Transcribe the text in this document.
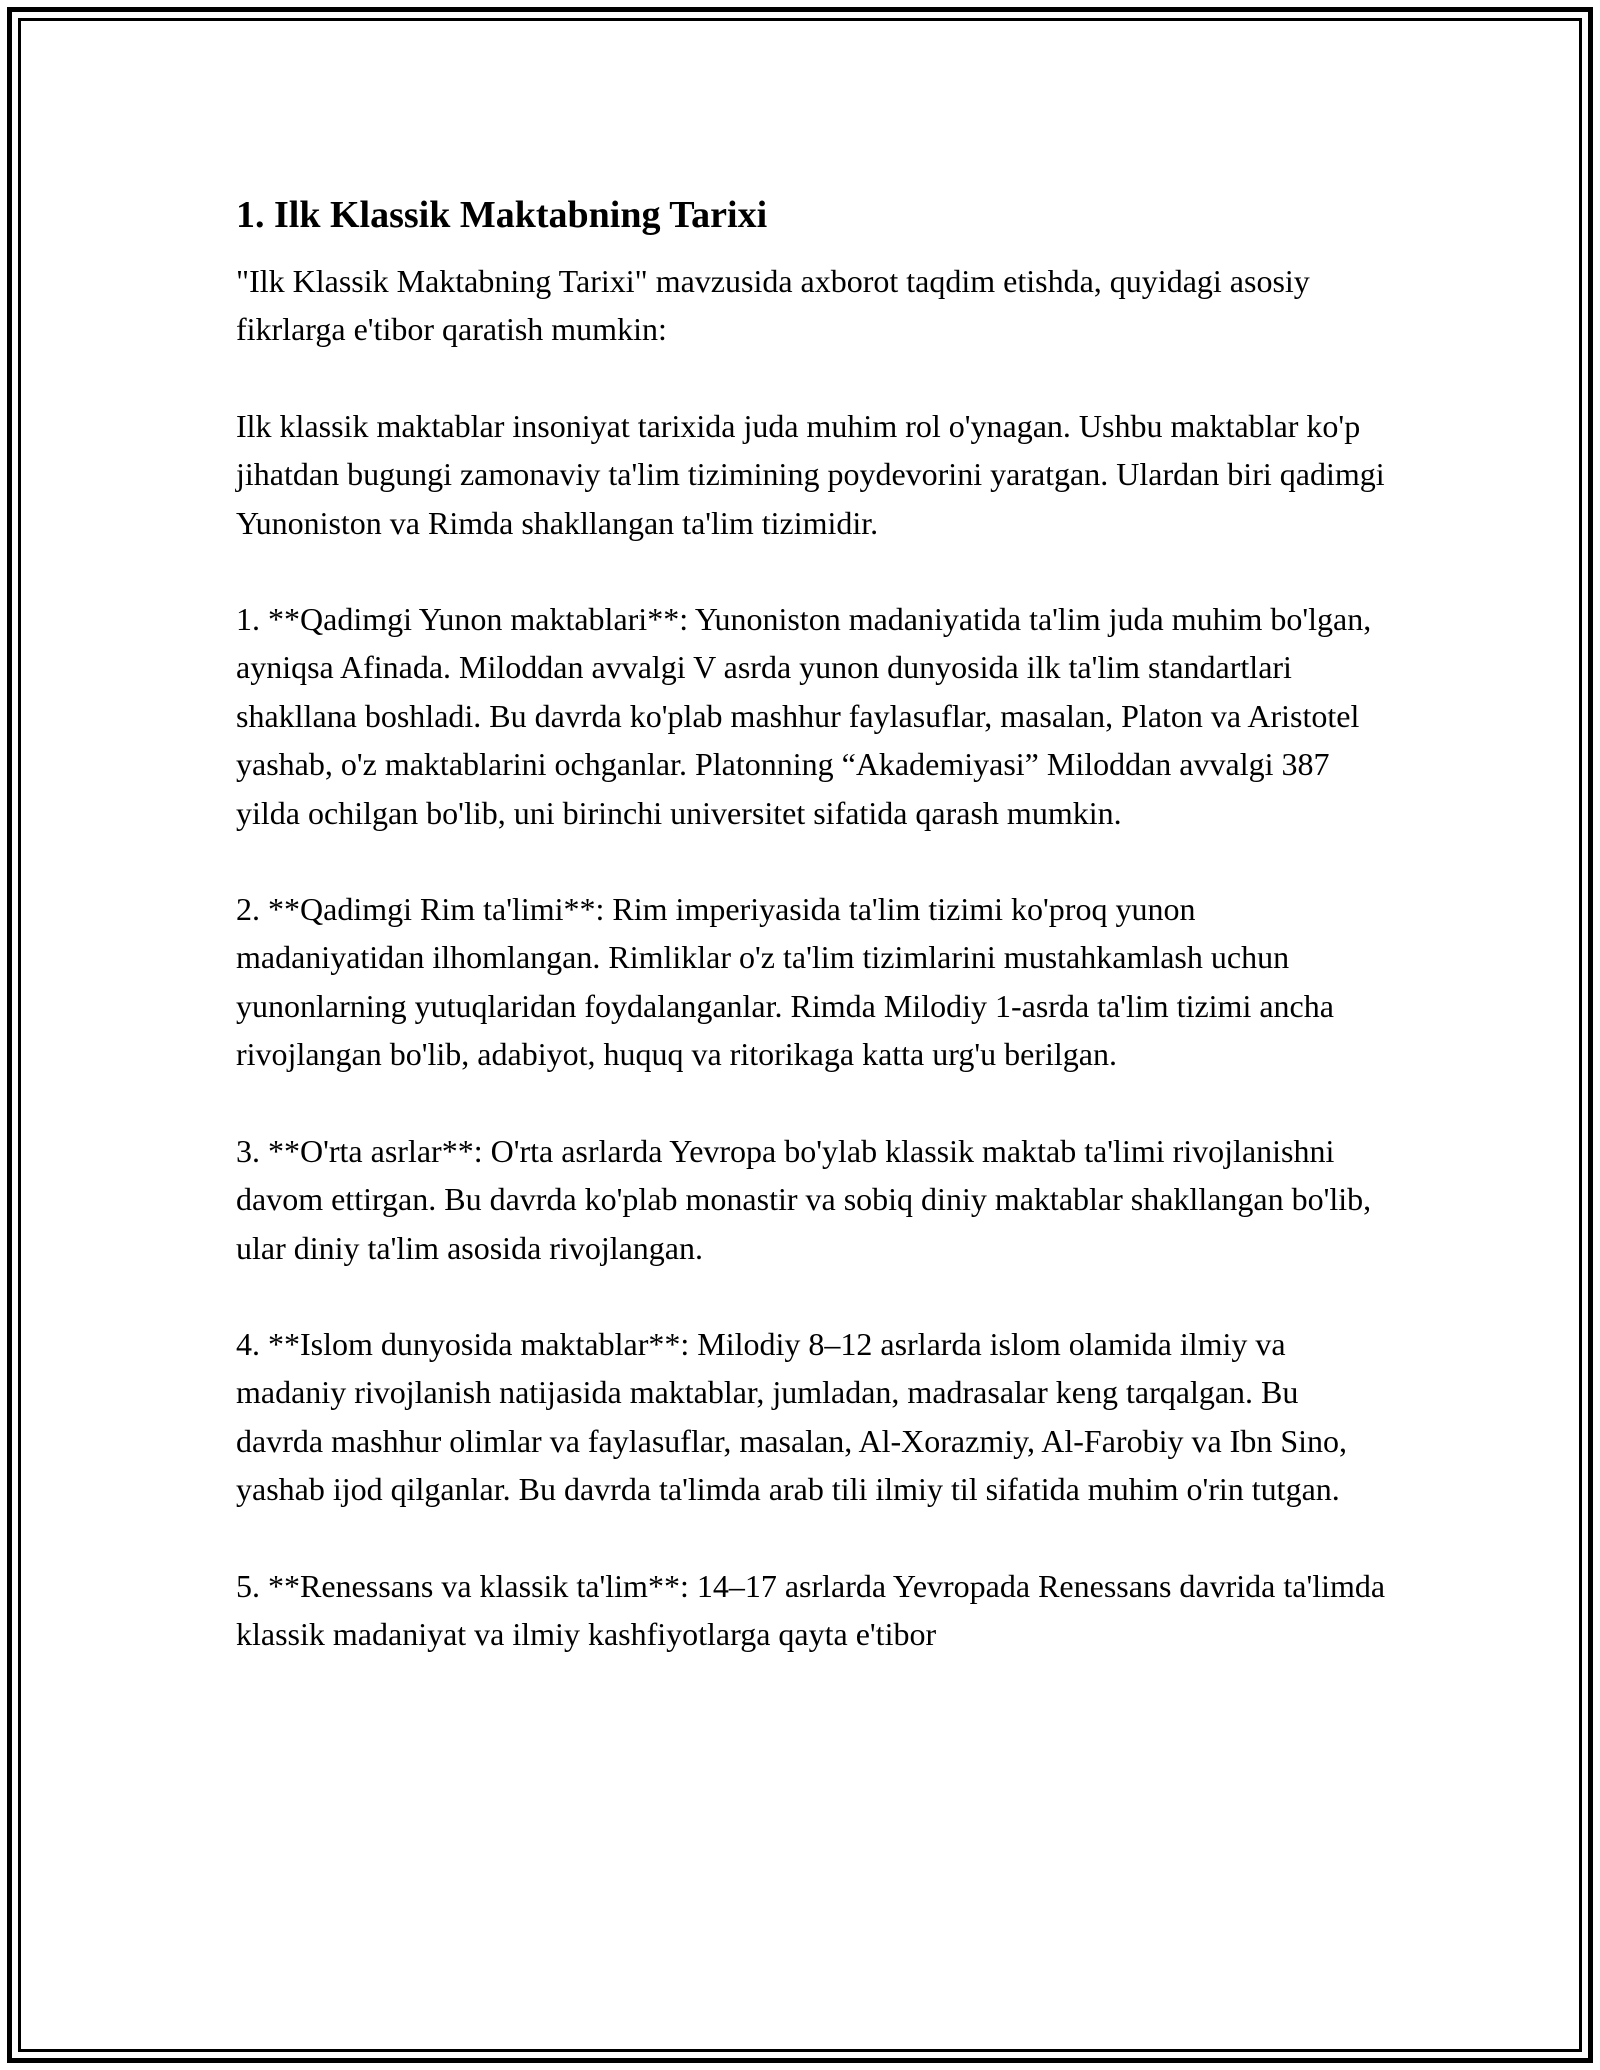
1. Ilk Klassik Maktabning Tarixi

"Ilk Klassik Maktabning Tarixi" mavzusida axborot taqdim etishda, quyidagi asosiy fikrlarga e'tibor qaratish mumkin:

Ilk klassik maktablar insoniyat tarixida juda muhim rol o'ynagan. Ushbu maktablar ko'p jihatdan bugungi zamonaviy ta'lim tizimining poydevorini yaratgan. Ulardan biri qadimgi Yunoniston va Rimda shakllangan ta'lim tizimidir.

1. **Qadimgi Yunon maktablari**: Yunoniston madaniyatida ta'lim juda muhim bo'lgan, ayniqsa Afinada. Miloddan avvalgi V asrda yunon dunyosida ilk ta'lim standartlari shakllana boshladi. Bu davrda ko'plab mashhur faylasuflar, masalan, Platon va Aristotel yashab, o'z maktablarini ochganlar. Platonning “Akademiyasi” Miloddan avvalgi 387 yilda ochilgan bo'lib, uni birinchi universitet sifatida qarash mumkin.

2. **Qadimgi Rim ta'limi**: Rim imperiyasida ta'lim tizimi ko'proq yunon madaniyatidan ilhomlangan. Rimliklar o'z ta'lim tizimlarini mustahkamlash uchun yunonlarning yutuqlaridan foydalanganlar. Rimda Milodiy 1-asrda ta'lim tizimi ancha rivojlangan bo'lib, adabiyot, huquq va ritorikaga katta urg'u berilgan.

3. **O'rta asrlar**: O'rta asrlarda Yevropa bo'ylab klassik maktab ta'limi rivojlanishni davom ettirgan. Bu davrda ko'plab monastir va sobiq diniy maktablar shakllangan bo'lib, ular diniy ta'lim asosida rivojlangan.

4. **Islom dunyosida maktablar**: Milodiy 8–12 asrlarda islom olamida ilmiy va madaniy rivojlanish natijasida maktablar, jumladan, madrasalar keng tarqalgan. Bu davrda mashhur olimlar va faylasuflar, masalan, Al-Xorazmiy, Al-Farobiy va Ibn Sino, yashab ijod qilganlar. Bu davrda ta'limda arab tili ilmiy til sifatida muhim o'rin tutgan.

5. **Renessans va klassik ta'lim**: 14–17 asrlarda Yevropada Renessans davrida ta'limda klassik madaniyat va ilmiy kashfiyotlarga qayta e'tibor
